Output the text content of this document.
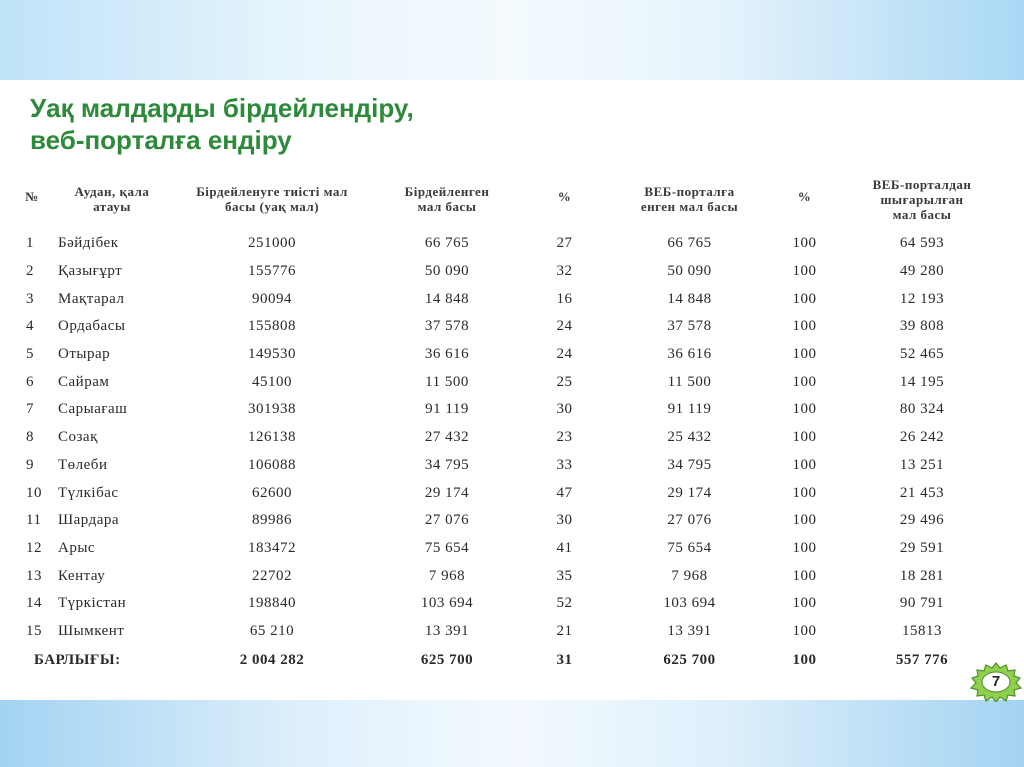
Уақ малдарды бірдейлендіру,
веб-порталға ендіру
№	Аудан, қала атауы	Бірдейленуге тиісті мал басы (уақ мал)	Бірдейленген мал басы	%	ВЕБ-порталға енген мал басы	%	ВЕБ-порталдан шығарылған мал басы
1	Бәйдібек	251000	66 765	27	66 765	100	64 593
2	Қазығұрт	155776	50 090	32	50 090	100	49 280
3	Мақтарал	90094	14 848	16	14 848	100	12 193
4	Ордабасы	155808	37 578	24	37 578	100	39 808
5	Отырар	149530	36 616	24	36 616	100	52 465
6	Сайрам	45100	11 500	25	11 500	100	14 195
7	Сарыағаш	301938	91 119	30	91 119	100	80 324
8	Созақ	126138	27 432	23	25 432	100	26 242
9	Төлеби	106088	34 795	33	34 795	100	13 251
10	Түлкібас	62600	29 174	47	29 174	100	21 453
11	Шардара	89986	27 076	30	27 076	100	29 496
12	Арыс	183472	75 654	41	75 654	100	29 591
13	Кентау	22702	7 968	35	7 968	100	18 281
14	Түркістан	198840	103 694	52	103 694	100	90 791
15	Шымкент	65 210	13 391	21	13 391	100	15813
БАРЛЫҒЫ:		2 004 282	625 700	31	625 700	100	557 776
7
